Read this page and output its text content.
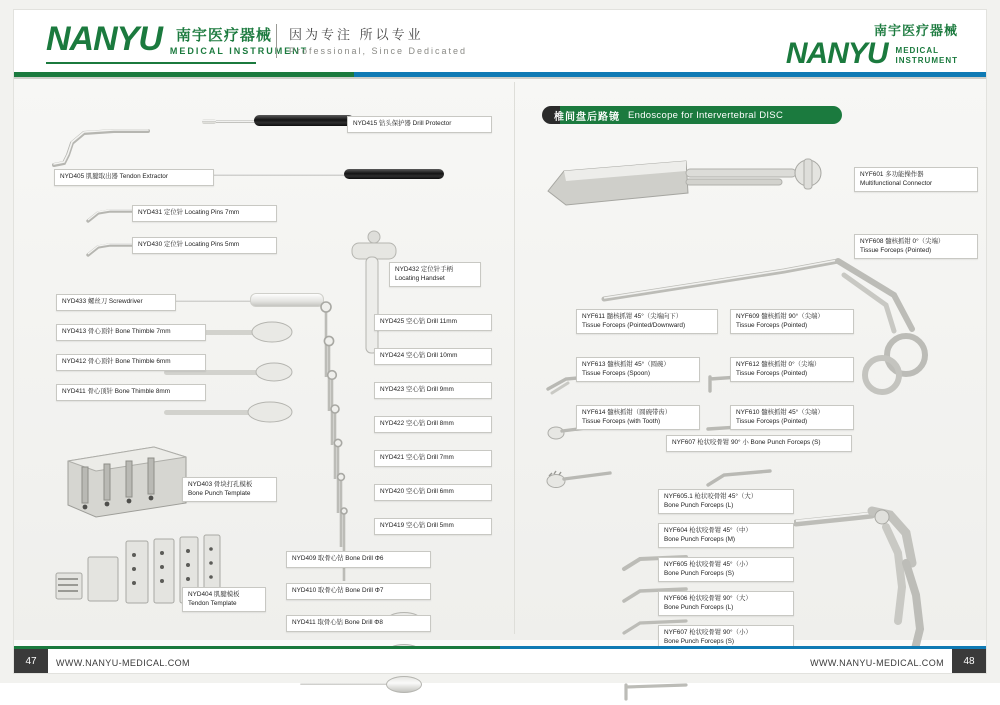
NANYU 南宇医疗器械
MEDICAL INSTRUMENT
因为专注 所以专业
Professional, Since Dedicated
南宇医疗器械
NANYU MEDICAL
INSTRUMENT
NYD415 钻头保护器 Drill Protector
NYD405 肌腱取出器 Tendon Extractor
NYD431 定位针 Locating Pins 7mm
NYD430 定位针 Locating Pins 5mm
NYD432 定位针手柄
Locating Handset
NYD433 螺丝刀 Screwdriver
NYD413 骨心顶针 Bone Thimble 7mm
NYD412 骨心顶针 Bone Thimble 6mm
NYD411 骨心顶针 Bone Thimble 8mm
NYD403 骨块打孔模板
Bone Punch Template
NYD404 肌腱模板
Tendon Template
NYD425 空心钻 Drill 11mm
NYD424 空心钻 Drill 10mm
NYD423 空心钻 Drill 9mm
NYD422 空心钻 Drill 8mm
NYD421 空心钻 Drill 7mm
NYD420 空心钻 Drill 6mm
NYD419 空心钻 Drill 5mm
NYD409 取骨心钻 Bone Drill Φ6
NYD410 取骨心钻 Bone Drill Φ7
NYD411 取骨心钻 Bone Drill Φ8
NYF601 多功能操作器
Multifunctional Connector
NYF608 髓核抓钳 0°（尖端）
Tissue Forceps (Pointed)
NYF611 髓核抓钳 45°（尖端向下）
Tissue Forceps (Pointed/Downward)
NYF609 髓核抓钳 90°（尖端）
Tissue Forceps (Pointed)
NYF613 髓核抓钳 45°（圆碗）
Tissue Forceps (Spoon)
NYF612 髓核抓钳 0°（尖端）
Tissue Forceps (Pointed)
NYF614 髓核抓钳（圆碗带齿）
Tissue Forceps (with Tooth)
NYF610 髓核抓钳 45°（尖端）
Tissue Forceps (Pointed)
NYF607 枪状咬骨钳 90° 小 Bone Punch Forceps (S)
NYF605.1 枪状咬骨钳 45°（大）
Bone Punch Forceps (L)
NYF604 枪状咬骨钳 45°（中）
Bone Punch Forceps (M)
NYF605 枪状咬骨钳 45°（小）
Bone Punch Forceps (S)
NYF606 枪状咬骨钳 90°（大）
Bone Punch Forceps (L)
NYF607 枪状咬骨钳 90°（小）
Bone Punch Forceps (S)
椎间盘后路镜 Endoscope for Intervertebral DISC
47	WWW.NANYU-MEDICAL.COM	WWW.NANYU-MEDICAL.COM	48
